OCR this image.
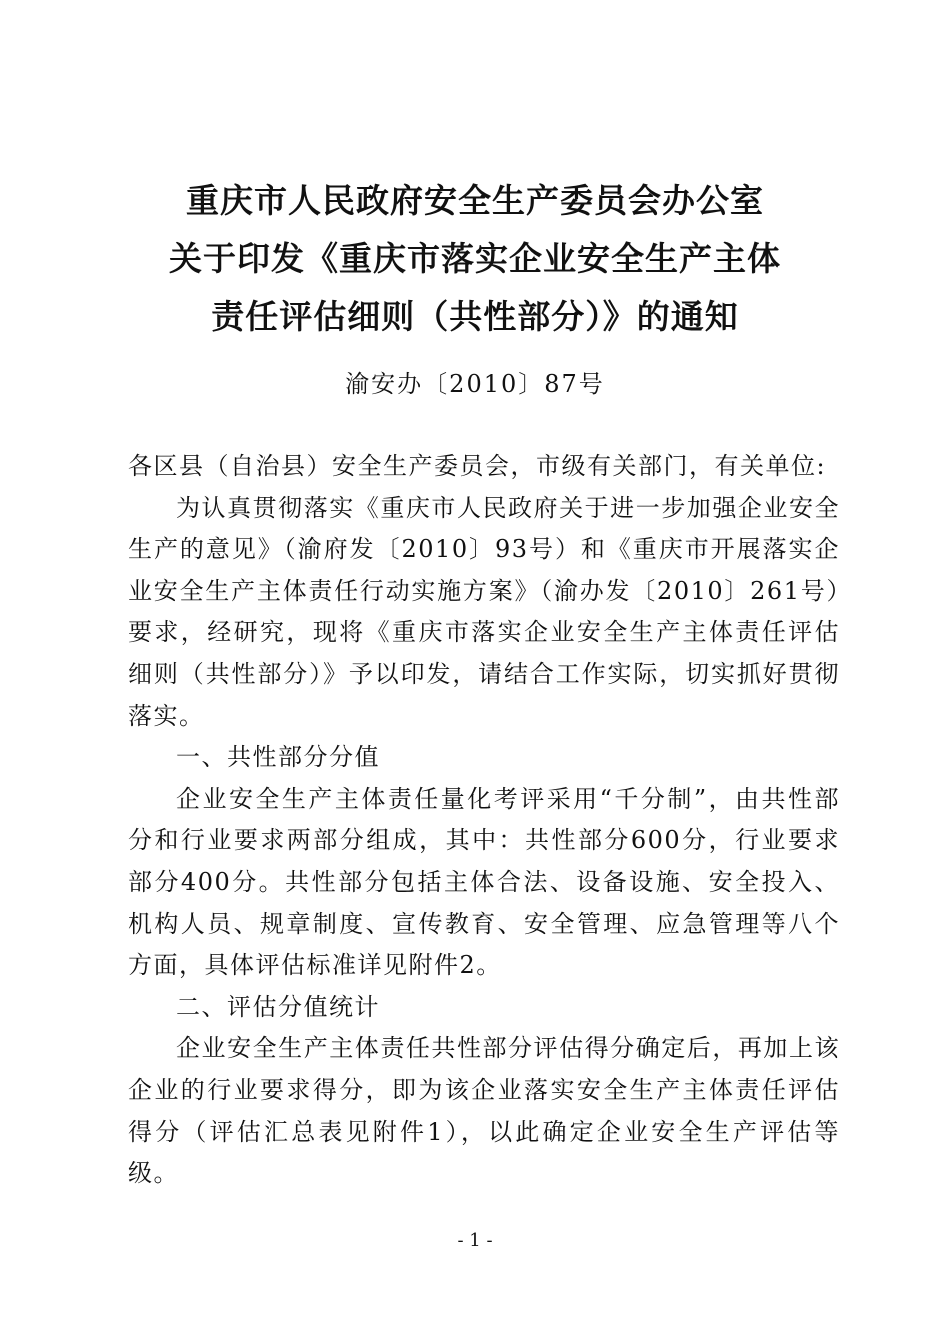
重庆市人民政府安全生产委员会办公室
关于印发《重庆市落实企业安全生产主体
责任评估细则（共性部分）》的通知
渝安办〔2010〕87号

各区县（自治县）安全生产委员会，市级有关部门，有关单位:

为认真贯彻落实《重庆市人民政府关于进一步加强企业安全生产的意见》（渝府发〔2010〕93号）和《重庆市开展落实企业安全生产主体责任行动实施方案》（渝办发〔2010〕261号）要求，经研究，现将《重庆市落实企业安全生产主体责任评估细则（共性部分）》予以印发，请结合工作实际，切实抓好贯彻落实。

一、共性部分分值

企业安全生产主体责任量化考评采用“千分制”，由共性部分和行业要求两部分组成，其中：共性部分600分，行业要求部分400分。共性部分包括主体合法、设备设施、安全投入、机构人员、规章制度、宣传教育、安全管理、应急管理等八个方面，具体评估标准详见附件2。

二、评估分值统计

企业安全生产主体责任共性部分评估得分确定后，再加上该企业的行业要求得分，即为该企业落实安全生产主体责任评估得分（评估汇总表见附件1），以此确定企业安全生产评估等级。

- 1 -
